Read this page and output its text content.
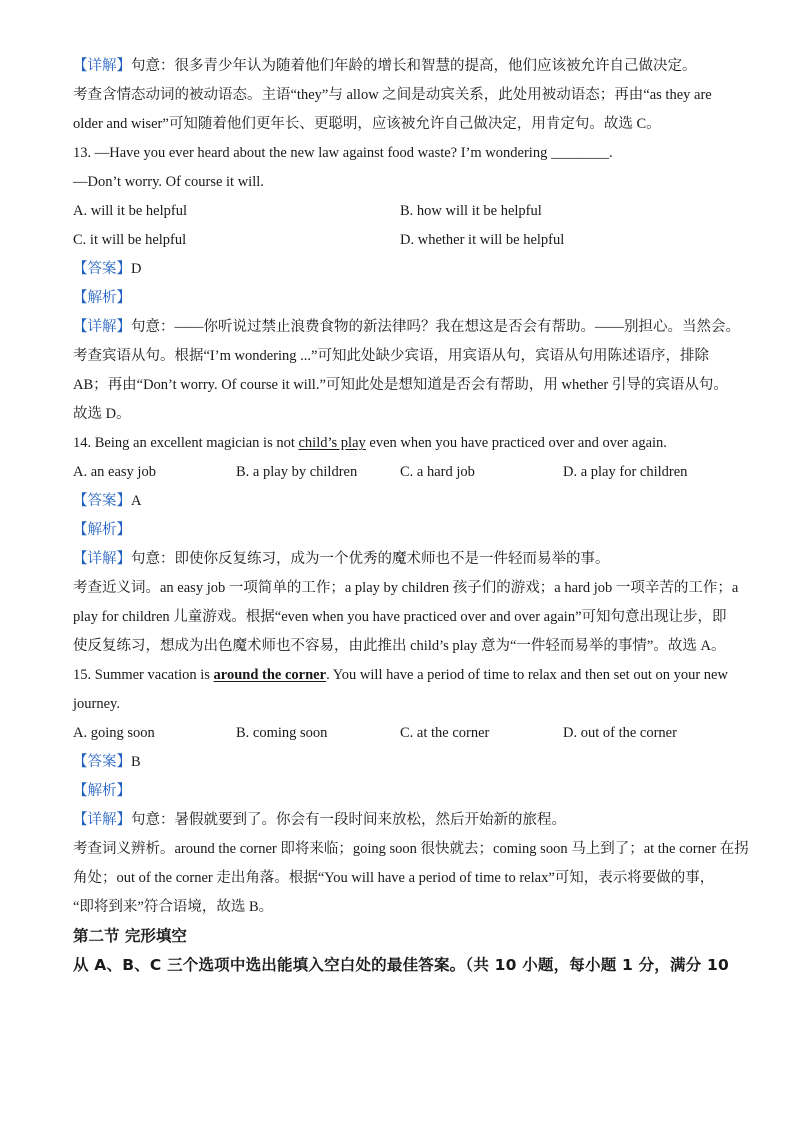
【详解】句意：很多青少年认为随着他们年龄的增长和智慧的提高，他们应该被允许自己做决定。
考查含情态动词的被动语态。主语“they”与 allow 之间是动宾关系，此处用被动语态；再由“as they are
older and wiser”可知随着他们更年长、更聪明，应该被允许自己做决定，用肯定句。故选 C。
13. —Have you ever heard about the new law against food waste? I’m wondering ________.
—Don’t worry. Of course it will.
A. will it be helpful	B. how will it be helpful
C. it will be helpful	D. whether it will be helpful
【答案】D
【解析】
【详解】句意：——你听说过禁止浪费食物的新法律吗？我在想这是否会有帮助。——别担心。当然会。
考查宾语从句。根据“I’m wondering ...”可知此处缺少宾语，用宾语从句，宾语从句用陈述语序，排除
AB；再由“Don’t worry. Of course it will.”可知此处是想知道是否会有帮助，用 whether 引导的宾语从句。
故选 D。
14. Being an excellent magician is not child’s play even when you have practiced over and over again.
A. an easy job	B. a play by children	C. a hard job	D. a play for children
【答案】A
【解析】
【详解】句意：即使你反复练习，成为一个优秀的魔术师也不是一件轻而易举的事。
考查近义词。an easy job 一项简单的工作；a play by children 孩子们的游戏；a hard job 一项辛苦的工作；a
play for children 儿童游戏。根据“even when you have practiced over and over again”可知句意出现让步，即
使反复练习，想成为出色魔术师也不容易，由此推出 child’s play 意为“一件轻而易举的事情”。故选 A。
15. Summer vacation is around the corner. You will have a period of time to relax and then set out on your new
journey.
A. going soon	B. coming soon	C. at the corner	D. out of the corner
【答案】B
【解析】
【详解】句意：暑假就要到了。你会有一段时间来放松，然后开始新的旅程。
考查词义辨析。around the corner 即将来临；going soon 很快就去；coming soon 马上到了；at the corner 在拐
角处；out of the corner 走出角落。根据“You will have a period of time to relax”可知，表示将要做的事，
“即将到来”符合语境，故选 B。
第二节 完形填空
从 A、B、C 三个选项中选出能填入空白处的最佳答案。（共 10 小题，每小题 1 分，满分 10
